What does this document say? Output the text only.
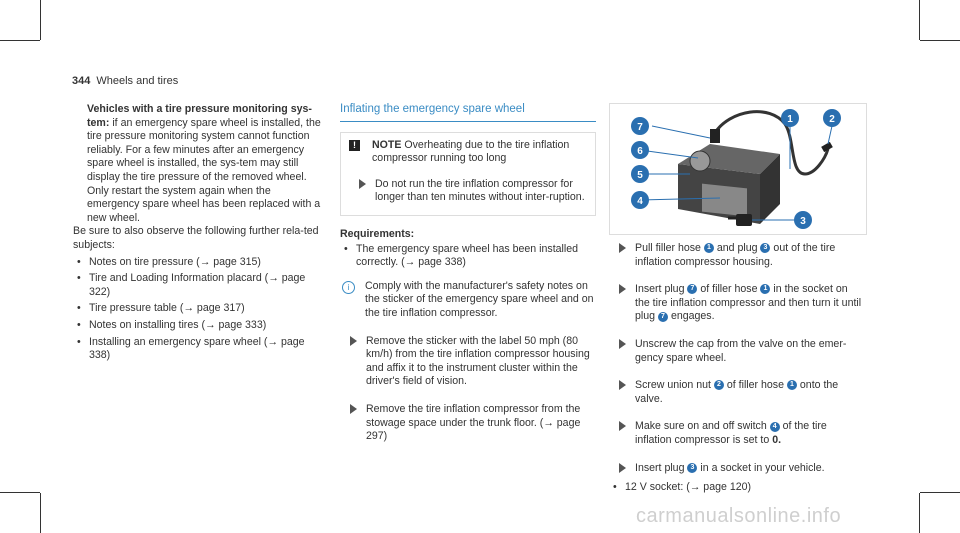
344 Wheels and tires
Vehicles with a tire pressure monitoring sys-tem: if an emergency spare wheel is installed, the tire pressure monitoring system cannot function reliably. For a few minutes after an emergency spare wheel is installed, the sys-tem may still display the tire pressure of the removed wheel. Only restart the system again when the emergency spare wheel has been replaced with a new wheel.
Be sure to also observe the following further rela-ted subjects:
• Notes on tire pressure (→ page 315)
• Tire and Loading Information placard (→ page 322)
• Tire pressure table (→ page 317)
• Notes on installing tires (→ page 333)
• Installing an emergency spare wheel (→ page 338)
Inflating the emergency spare wheel
!	NOTE Overheating due to the tire inflation compressor running too long
Do not run the tire inflation compressor for longer than ten minutes without inter-ruption.
Requirements:
• The emergency spare wheel has been installed correctly. (→ page 338)
i	Comply with the manufacturer's safety notes on the sticker of the emergency spare wheel and on the tire inflation compressor.
Remove the sticker with the label 50 mph (80 km/h) from the tire inflation compressor housing and affix it to the instrument cluster within the driver's field of vision.
Remove the tire inflation compressor from the stowage space under the trunk floor. (→ page 297)
7
6
5
4
1	2
3
Pull filler hose 1 and plug 3 out of the tire inflation compressor housing.
Insert plug 7 of filler hose 1 in the socket on the tire inflation compressor and then turn it until plug 7 engages.
Unscrew the cap from the valve on the emer-gency spare wheel.
Screw union nut 2 of filler hose 1 onto the valve.
Make sure on and off switch 4 of the tire inflation compressor is set to 0.
Insert plug 3 in a socket in your vehicle.
• 12 V socket: (→ page 120)
carmanualsonline.info
